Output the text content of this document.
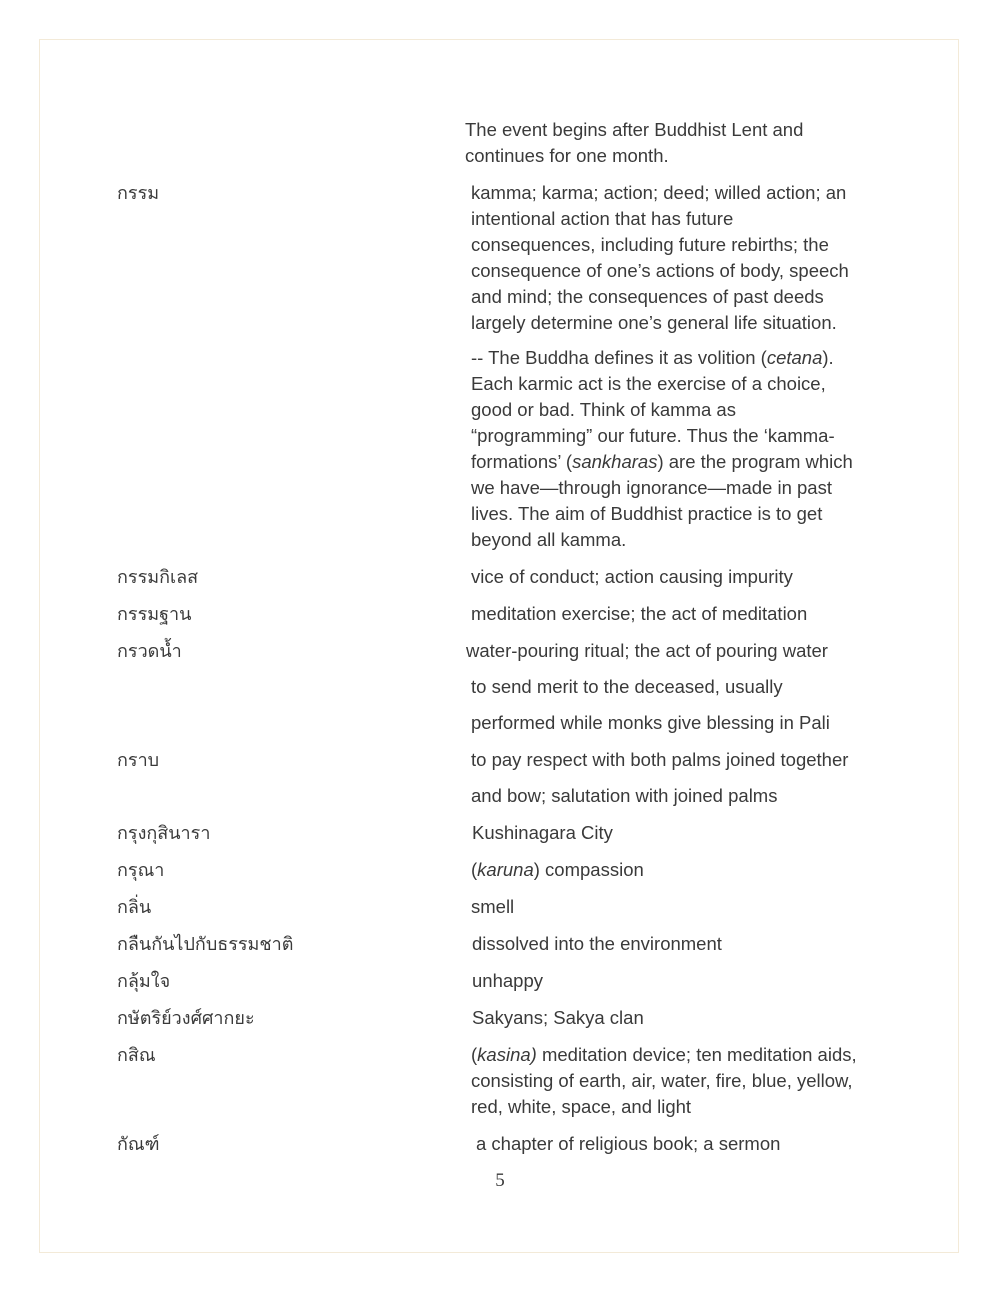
The event begins after Buddhist Lent and
continues for one month.
กรรม	kamma; karma; action; deed; willed action; an
intentional action that has future
consequences, including future rebirths; the
consequence of one’s actions of body, speech
and mind; the consequences of past deeds
largely determine one’s general life situation.
-- The Buddha defines it as volition (cetana).
Each karmic act is the exercise of a choice,
good or bad. Think of kamma as
“programming” our future. Thus the ‘kamma-
formations’ (sankharas) are the program which
we have—through ignorance—made in past
lives. The aim of Buddhist practice is to get
beyond all kamma.
กรรมกิเลส	vice of conduct; action causing impurity
กรรมฐาน	meditation exercise; the act of meditation
กรวดน้ำ	water-pouring ritual; the act of pouring water
to send merit to the deceased, usually
performed while monks give blessing in Pali
กราบ	to pay respect with both palms joined together
and bow; salutation with joined palms
กรุงกุสินารา	Kushinagara City
กรุณา	(karuna) compassion
กลิ่น	smell
กลืนกันไปกับธรรมชาติ	dissolved into the environment
กลุ้มใจ	unhappy
กษัตริย์วงศ์ศากยะ	Sakyans; Sakya clan
กสิณ	(kasina) meditation device; ten meditation aids,
consisting of earth, air, water, fire, blue, yellow,
red, white, space, and light
กัณฑ์	a chapter of religious book; a sermon
5
